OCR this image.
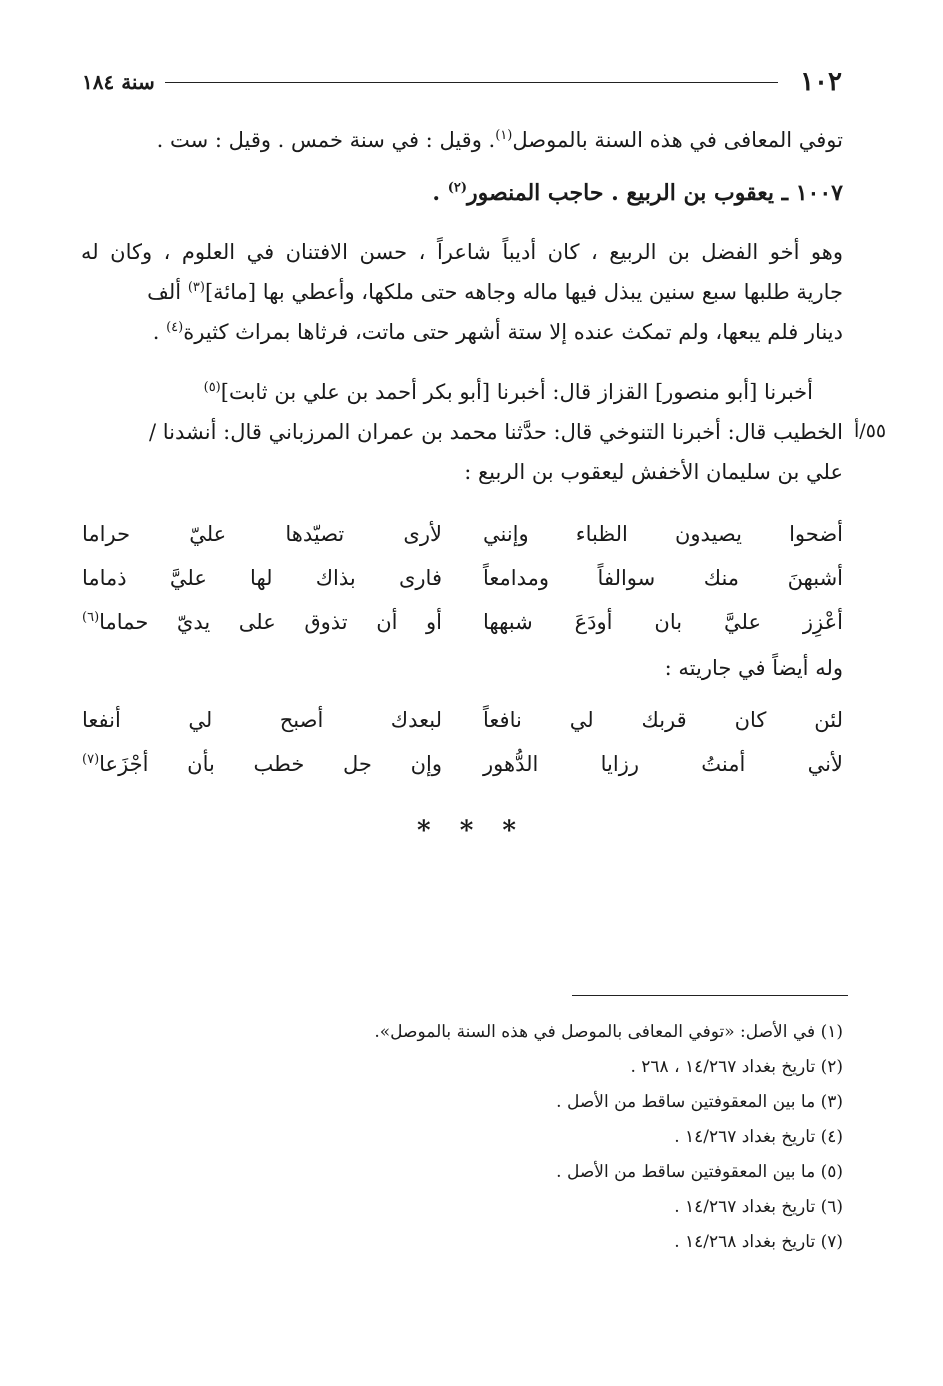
١٠٢
سنة ١٨٤
توفي المعافى في هذه السنة بالموصل$^{(١)}$. وقيل : في سنة خمس . وقيل : ست .
١٠٠٧ ـ يعقوب بن الربيع . حاجب المنصور$^{(٢)}$ .
وهو أخو الفضل بن الربيع ، كان أديباً شاعراً ، حسن الافتنان في العلوم ، وكان له
جارية طلبها سبع سنين يبذل فيها ماله وجاهه حتى ملكها، وأعطي بها [مائة]$^{(٣)}$ ألف
دينار فلم يبعها، ولم تمكث عنده إلا ستة أشهر حتى ماتت، فرثاها بمراث كثيرة$^{(٤)}$ .
أخبرنا [أبو منصور] القزاز قال: أخبرنا [أبو بكر أحمد بن علي بن ثابت]$^{(٥)}$
الخطيب قال: أخبرنا التنوخي قال: حدَّثنا محمد بن عمران المرزباني قال: أنشدنا / ٥٥/أ
علي بن سليمان الأخفش ليعقوب بن الربيع :
أضحوا يصيدون الظباء وإنني
لأرى تصيّدها عليّ حراما
أشبهنَ منك سوالفاً ومدامعاً
فارى بذاك لها عليَّ ذماما
أعْزِز عليَّ بان أودَعَ شبهها
أو أن تذوق على يديّ حماما$^{(٦)}$
وله أيضاً في جاريته :
لئن كان قربك لي نافعاً
لبعدك أصبح لي أنفعا
لأني أمنتُ رزايا الدُّهور
وإن جل خطب بأن أجْزَعا$^{(٧)}$
* * *
(١) في الأصل: «توفي المعافى بالموصل في هذه السنة بالموصل».
(٢) تاريخ بغداد ١٤/٢٦٧ ، ٢٦٨ .
(٣) ما بين المعقوفتين ساقط من الأصل .
(٤) تاريخ بغداد ١٤/٢٦٧ .
(٥) ما بين المعقوفتين ساقط من الأصل .
(٦) تاريخ بغداد ١٤/٢٦٧ .
(٧) تاريخ بغداد ١٤/٢٦٨ .
